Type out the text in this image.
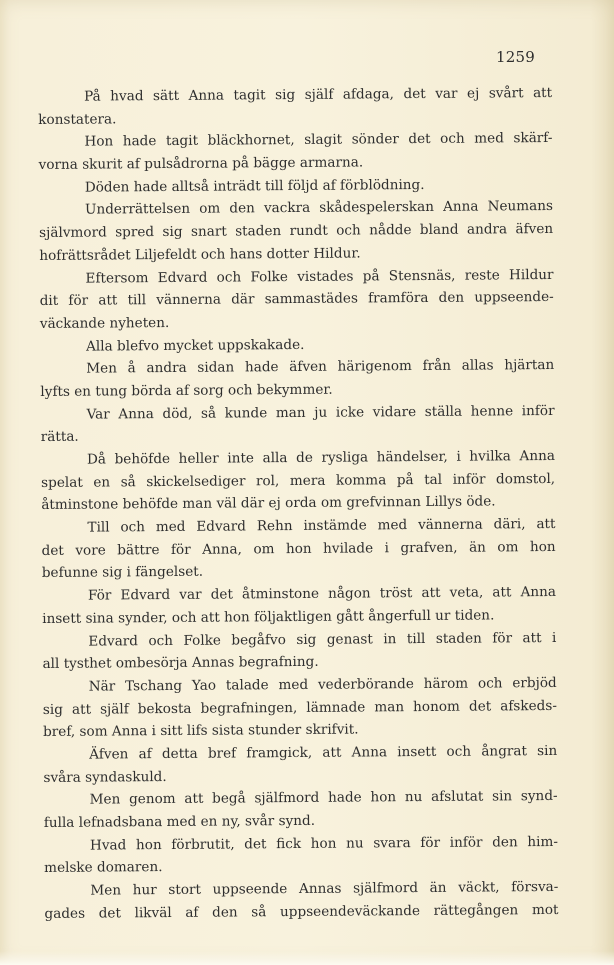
1259
På hvad sätt Anna tagit sig själf afdaga, det var ej svårt att
konstatera.
Hon hade tagit bläckhornet, slagit sönder det och med skärf-
vorna skurit af pulsådrorna på bägge armarna.
Döden hade alltså inträdt till följd af förblödning.
Underrättelsen om den vackra skådespelerskan Anna Neumans
självmord spred sig snart staden rundt och nådde bland andra äfven
hofrättsrådet Liljefeldt och hans dotter Hildur.
Eftersom Edvard och Folke vistades på Stensnäs, reste Hildur
dit för att till vännerna där sammastädes framföra den uppseende-
väckande nyheten.
Alla blefvo mycket uppskakade.
Men å andra sidan hade äfven härigenom från allas hjärtan
lyfts en tung börda af sorg och bekymmer.
Var Anna död, så kunde man ju icke vidare ställa henne inför
rätta.
Då behöfde heller inte alla de rysliga händelser, i hvilka Anna
spelat en så skickelsediger rol, mera komma på tal inför domstol,
åtminstone behöfde man väl där ej orda om grefvinnan Lillys öde.
Till och med Edvard Rehn instämde med vännerna däri, att
det vore bättre för Anna, om hon hvilade i grafven, än om hon
befunne sig i fängelset.
För Edvard var det åtminstone någon tröst att veta, att Anna
insett sina synder, och att hon följaktligen gått ångerfull ur tiden.
Edvard och Folke begåfvo sig genast in till staden för att i
all tysthet ombesörja Annas begrafning.
När Tschang Yao talade med vederbörande härom och erbjöd
sig att själf bekosta begrafningen, lämnade man honom det afskeds-
bref, som Anna i sitt lifs sista stunder skrifvit.
Äfven af detta bref framgick, att Anna insett och ångrat sin
svåra syndaskuld.
Men genom att begå själfmord hade hon nu afslutat sin synd-
fulla lefnadsbana med en ny, svår synd.
Hvad hon förbrutit, det fick hon nu svara för inför den him-
melske domaren.
Men hur stort uppseende Annas själfmord än väckt, försva-
gades det likväl af den så uppseendeväckande rättegången mot
